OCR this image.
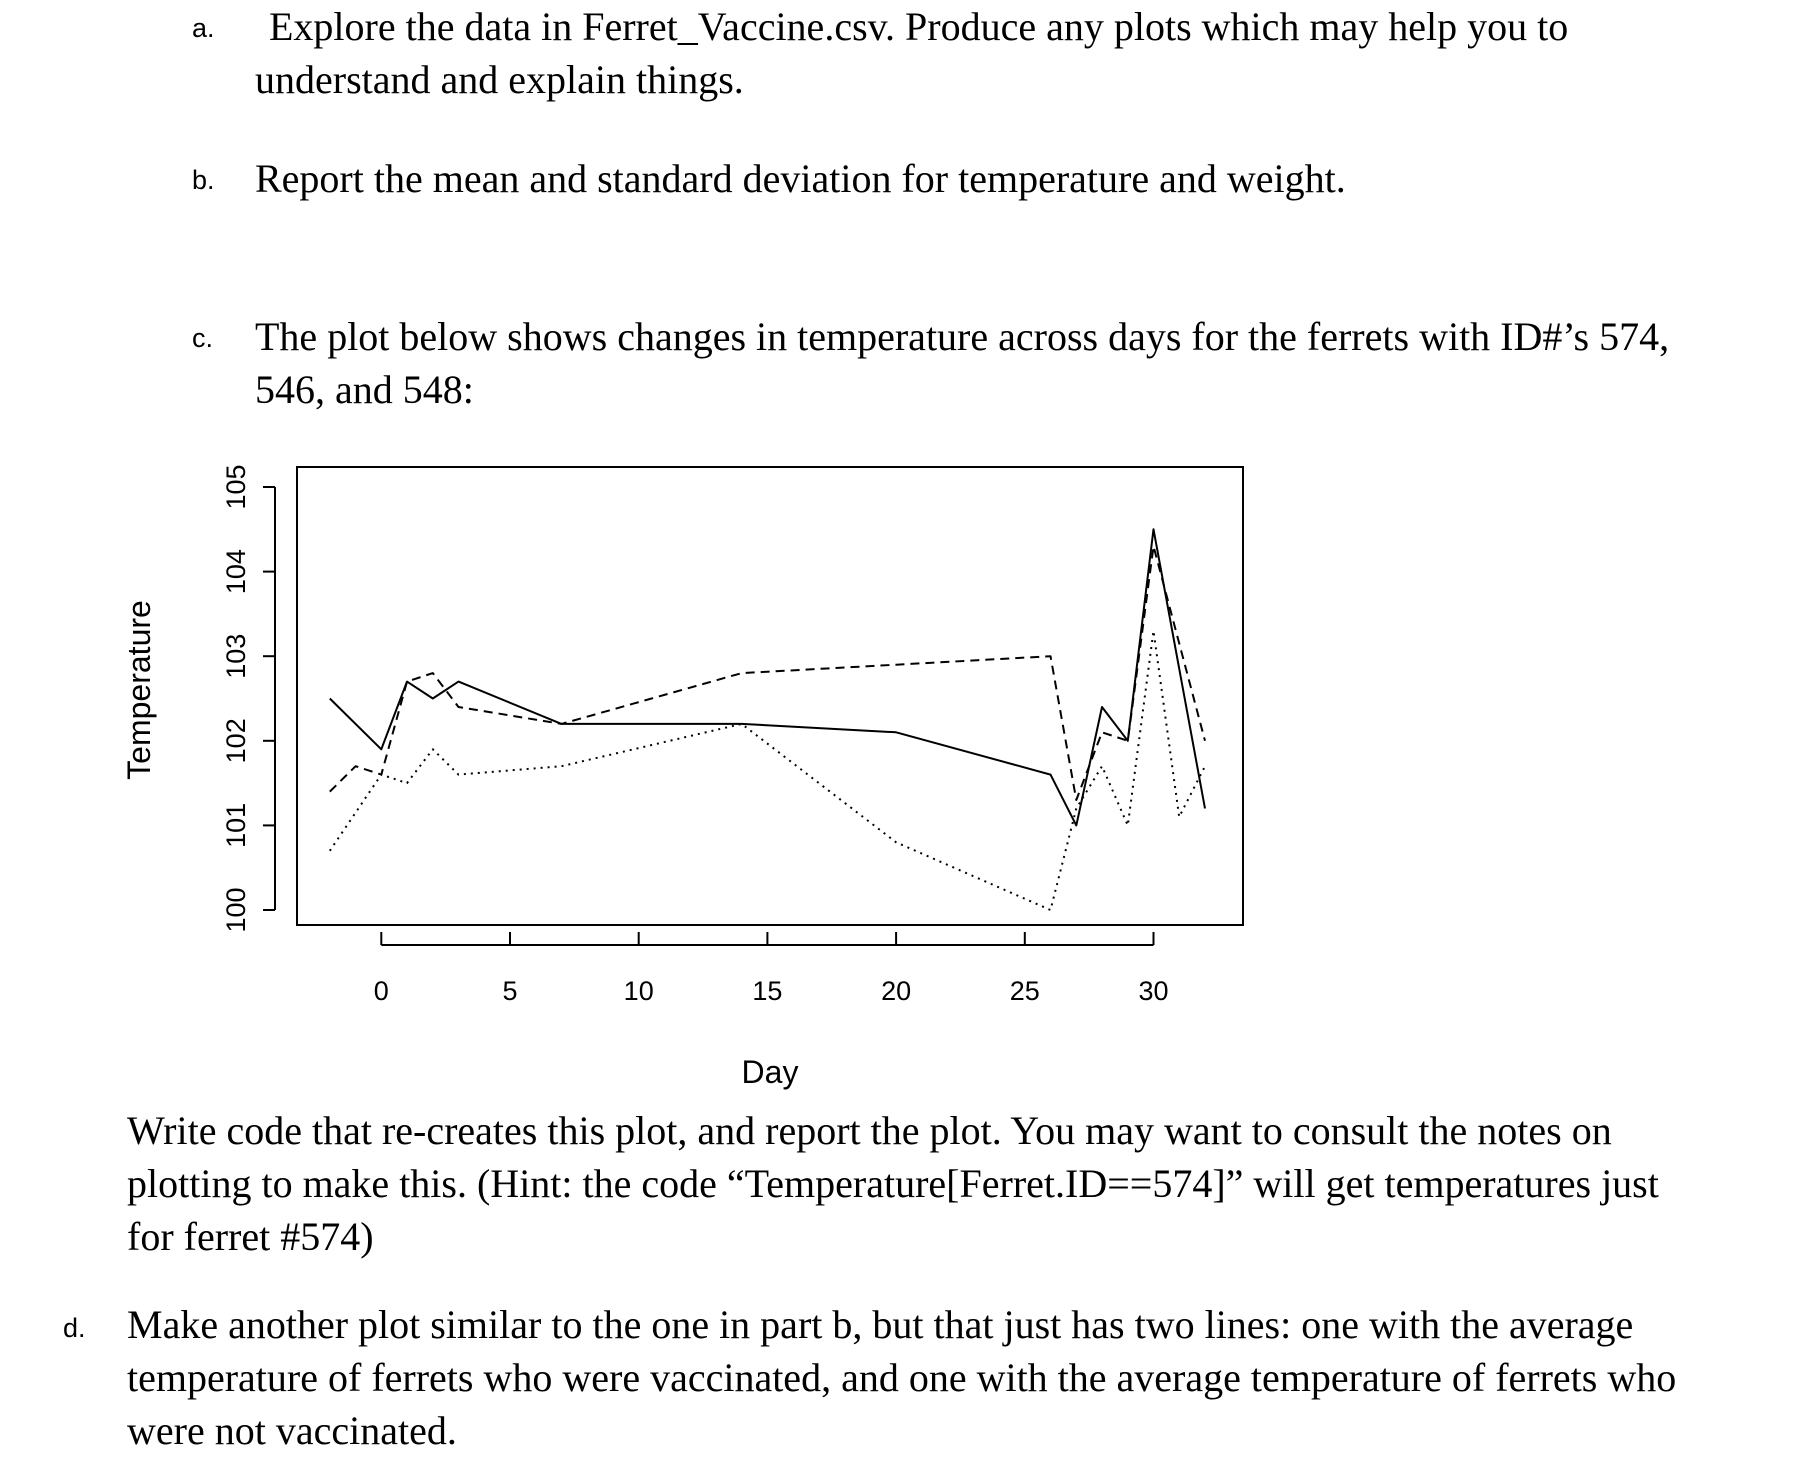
a.	Explore the data in Ferret_Vaccine.csv. Produce any plots which may help you to
understand and explain things.

b. Report the mean and standard deviation for temperature and weight.

c. The plot below shows changes in temperature across days for the ferrets with ID#’s 574,
546, and 548:

Temperature
Day
100
101
102
103
104
105
0	5	10	15	20	25	30

Write code that re-creates this plot, and report the plot. You may want to consult the notes on
plotting to make this. (Hint: the code “Temperature[Ferret.ID==574]” will get temperatures just
for ferret #574)

d. Make another plot similar to the one in part b, but that just has two lines: one with the average
temperature of ferrets who were vaccinated, and one with the average temperature of ferrets who
were not vaccinated.
